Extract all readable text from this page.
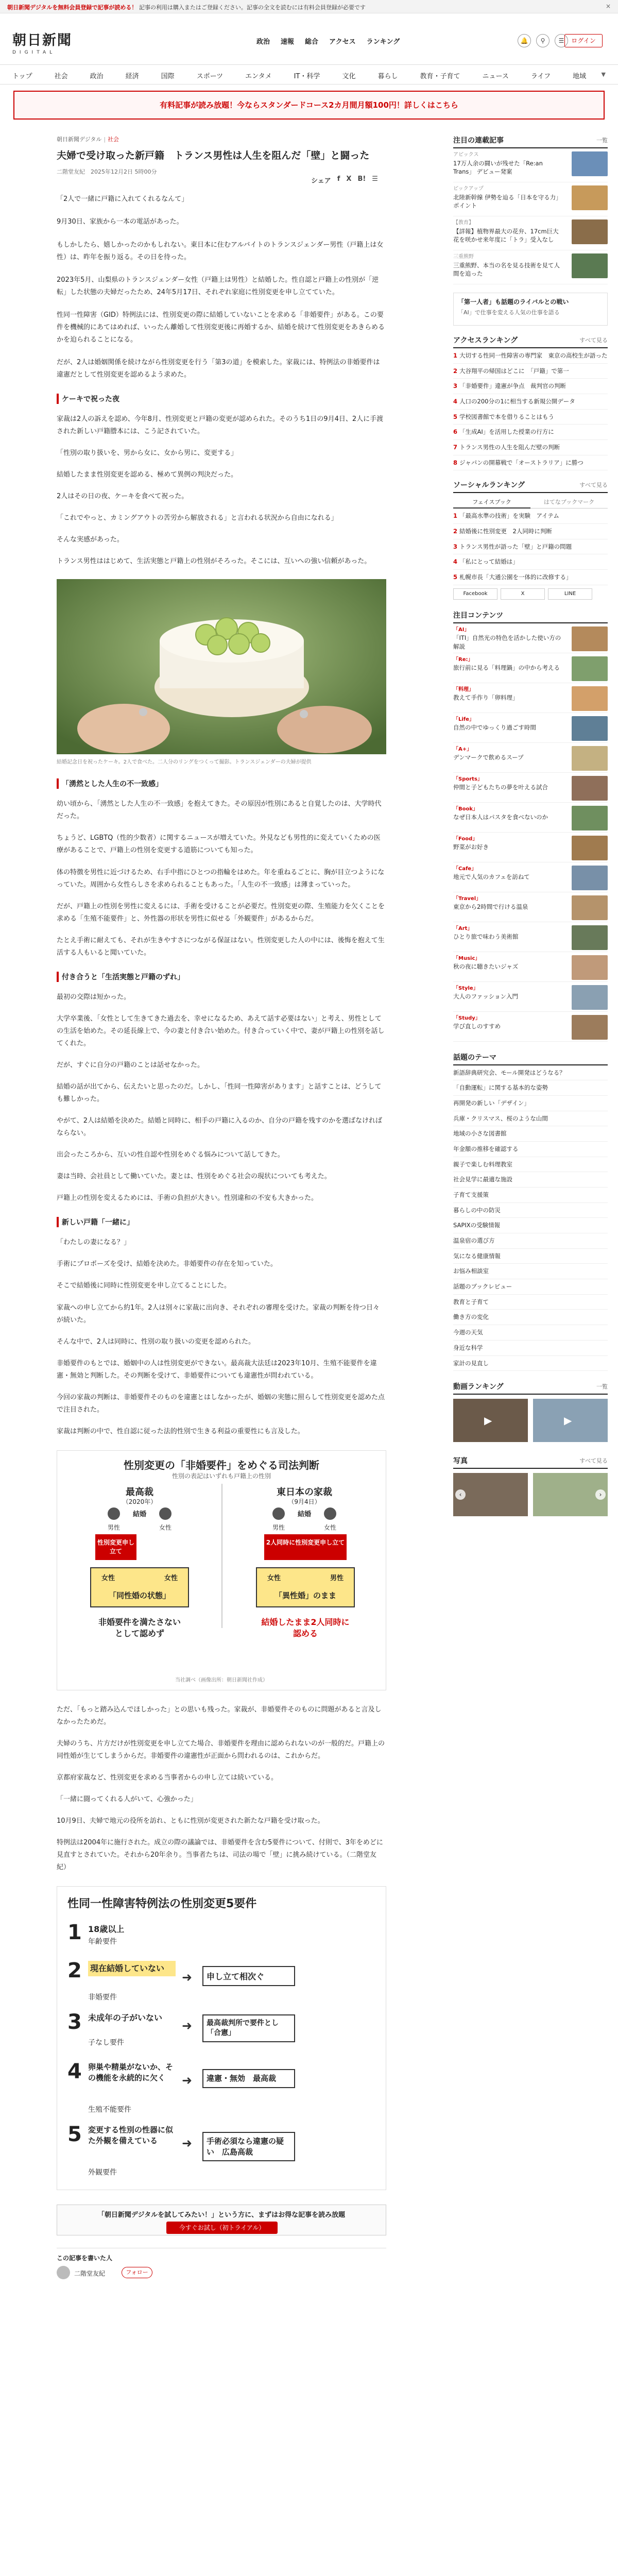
朝日新聞デジタルを無料会員登録で記事が読める！ 記事の利用は購入またはご登録ください。記事の全文を読むには有料会員登録が必要です	×
朝日新聞
DIGITAL
政治 速報 総合 アクセス ランキング	🔔	⚲	☰	ログイン
トップ	社会	政治	経済	国際	スポーツ	エンタメ	IT・科学	文化	暮らし	教育・子育て	ニュース	ライフ	地域	▼
有料記事が読み放題！今ならスタンダードコース2カ月間月額100円！詳しくはこちら
朝日新聞デジタル | 社会
夫婦で受け取った新戸籍　トランス男性は人生を阻んだ「壁」と闘った
二階堂友紀　2025年12月2日 5時00分
シェア f X B! ☰

「2人で一緒に戸籍に入れてくれるなんて」

9月30日、家族から一本の電話があった。

もしかしたら、嬉しかったのかもしれない。東日本に住むアルバイトのトランスジェンダー男性（戸籍上は女性）は、昨年を振り返る。その日を待った。

2023年5月、山梨県のトランスジェンダー女性（戸籍上は男性）と結婚した。性自認と戸籍上の性別が「逆転」した状態の夫婦だったため、24年5月17日、それぞれ家庭に性別変更を申し立てていた。

性同一性障害（GID）特例法には、性別変更の際に結婚していないことを求める「非婚要件」がある。この要件を機械的にあてはめれば、いったん離婚して性別変更後に再婚するか、結婚を続けて性別変更をあきらめるかを迫られることになる。

だが、2人は婚姻関係を続けながら性別変更を行う「第3の道」を模索した。家裁には、特例法の非婚要件は違憲だとして性別変更を認めるよう求めた。

ケーキで祝った夜

家裁は2人の訴えを認め、今年8月、性別変更と戸籍の変更が認められた。そのうち1日の9月4日、2人に手渡された新しい戸籍謄本には、こう記されていた。

「性別の取り扱いを、男から女に、女から男に、変更する」

結婚したまま性別変更を認める、極めて異例の判決だった。

2人はその日の夜、ケーキを食べて祝った。

「これでやっと、カミングアウトの苦労から解放される」と言われる状況から自由になれる」

そんな実感があった。

トランス男性ははじめて、生活実態と戸籍上の性別がそろった。そこには、互いへの強い信頼があった。

結婚記念日を祝ったケーキ。2人で食べた。二人分のリングをつくって撮影。トランスジェンダーの夫婦が提供
「湧然とした人生の不一致感」

幼い頃から、「湧然とした人生の不一致感」を抱えてきた。その原因が性別にあると自覚したのは、大学時代だった。

ちょうど、LGBTQ（性的少数者）に関するニュースが増えていた。外見なども男性的に変えていくための医療があることで、戸籍上の性別を変更する道筋についても知った。

体の特徴を男性に近づけるため、右手中指にひとつの指輪をはめた。年を重ねるごとに、胸が目立つようになっていた。周囲から女性らしさを求められることもあった。「人生の不一致感」は薄まっていった。

だが、戸籍上の性別を男性に変えるには、手術を受けることが必要だ。性別変更の際、生殖能力を欠くことを求める「生殖不能要件」と、外性器の形状を男性に似せる「外観要件」があるからだ。

たとえ手術に耐えても、それが生きやすさにつながる保証はない。性別変更した人の中には、後悔を抱えて生活する人もいると聞いていた。

付き合うと「生活実態と戸籍のずれ」

最初の交際は短かった。

大学卒業後、「女性として生きてきた過去を、幸せになるため、あえて話す必要はない」と考え、男性としての生活を始めた。その延長線上で、今の妻と付き合い始めた。付き合っていく中で、妻が戸籍上の性別を話してくれた。

だが、すぐに自分の戸籍のことは話せなかった。

結婚の話が出てから、伝えたいと思ったのだ。しかし、「性同一性障害があります」と話すことは、どうしても難しかった。

やがて、2人は結婚を決めた。結婚と同時に、相手の戸籍に入るのか、自分の戸籍を残すのかを選ばなければならない。

出会ったころから、互いの性自認や性別をめぐる悩みについて話してきた。

妻は当時、会社員として働いていた。妻とは、性別をめぐる社会の現状についても考えた。

戸籍上の性別を変えるためには、手術の負担が大きい。性別違和の不安も大きかった。

新しい戸籍「一緒に」

「わたしの妻になる？」

手術にプロポーズを受け、結婚を決めた。非婚要件の存在を知っていた。

そこで結婚後に同時に性別変更を申し立てることにした。

家裁への申し立てから約1年。2人は別々に家裁に出向き、それぞれの審理を受けた。家裁の判断を待つ日々が続いた。

そんな中で、2人は同時に、性別の取り扱いの変更を認められた。

非婚要件のもとでは、婚姻中の人は性別変更ができない。最高裁大法廷は2023年10月、生殖不能要件を違憲・無効と判断した。その判断を受けて、非婚要件についても違憲性が問われている。

今回の家裁の判断は、非婚要件そのものを違憲とはしなかったが、婚姻の実態に照らして性別変更を認めた点で注目された。

家裁は判断の中で、性自認に従った法的性別で生きる利益の重要性にも言及した。

性別変更の「非婚要件」をめぐる司法判断
性別の表記はいずれも戸籍上の性別
最高裁
（2020年）
東日本の家裁
（9月4日）
結婚	結婚
男性	女性	男性	女性
性別変更申し立て
2人同時に性別変更申し立て
女性	女性
「同性婚の状態」
女性	男性
「異性婚」のまま
非婚要件を満たさないとして認めず
結婚したまま2人同時に認める
当社調べ（画像出所：朝日新聞社作成）

ただ、「もっと踏み込んでほしかった」との思いも残った。家裁が、非婚要件そのものに問題があると言及しなかったためだ。

夫婦のうち、片方だけが性別変更を申し立てた場合、非婚要件を理由に認められないのが一般的だ。戸籍上の同性婚が生じてしまうからだ。非婚要件の違憲性が正面から問われるのは、これからだ。

京都府家裁など、性別変更を求める当事者からの申し立ては続いている。

「一緒に闘ってくれる人がいて、心強かった」

10月9日、夫婦で地元の役所を訪れ、ともに性別が変更された新たな戸籍を受け取った。

特例法は2004年に施行された。成立の際の議論では、非婚要件を含む5要件について、付則で、3年をめどに見直すとされていた。それから20年余り。当事者たちは、司法の場で「壁」に挑み続けている。（二階堂友紀）

性同一性障害特例法の性別変更5要件
1 18歳以上
年齢要件
2 現在結婚していない
非婚要件
➜	申し立て相次ぐ
3 未成年の子がいない
子なし要件
➜	最高裁判所で要件とし「合憲」
4 卵巣や精巣がないか、その機能を永続的に欠く
生殖不能要件
➜	違憲・無効　最高裁
5 変更する性別の性器に似た外観を備えている
外観要件
➜	手術必須なら違憲の疑い　広島高裁
「朝日新聞デジタルを試してみたい！」という方に、まずはお得な記事を読み放題
今すぐお試し（初トライアル）
この記事を書いた人
二階堂友紀	フォロー
注目の連載記事	一覧
アピックス
17万人余の闘いが残せた「Re:an Trans」 デビュー発案
ピックアップ
北陸新幹線 伊勢を辿る「日本を守る力」ポイント
【教育】
【詳報】植物界最大の花弁、17cm巨大花を咲かせ来年度に「トラ」受入なし
三重熊野
三重熊野、本当の名を見る技術を見て人間を追った
「第一人者」も話題のライバルとの戦い
「AI」で仕事を変える人気の仕事を語る
アクセスランキング	すべて見る
1 大切する性同一性障害の専門家　東京の高校生が語った
2 大谷翔平の帰国はどこに　「戸籍」で第一
3 「非婚要件」違憲が争点　裁判官の判断
4 人口の200分の1に相当する新規公開データ
5 学校図書館で本を借りることはもう
6 「生成AI」を活用した授業の行方に
7 トランス男性の人生を阻んだ壁の判断
8 ジャパンの開幕戦で「オーストラリア」に勝つ
ソーシャルランキング	すべて見る
フェイスブック	はてなブックマーク
1 「最高水準の技術」を実験　アイテム
2 結婚後に性別変更　2人同時に判断
3 トランス男性が語った「壁」と戸籍の問題
4 「私にとって結婚は」
5 札幌市長「大通公園を一体的に改修する」
Facebook	X	LINE
注目コンテンツ
「AI」
「ITI」自然光の特色を活かした使い方の解説
「Re:」
旅行前に見る「料理鍋」の中から考える
「料理」
教えて手作り「卵料理」
「Life」
自然の中でゆっくり過ごす時間
「A+」
デンマークで飲めるスープ
「Sports」
仲間と子どもたちの夢を叶える試合
「Book」
なぜ日本人はパスタを食べないのか
「Food」
野菜がお好き
「Cafe」
地元で人気のカフェを訪ねて
「Travel」
東京から2時間で行ける温泉
「Art」
ひとり旅で味わう美術館
「Music」
秋の夜に聴きたいジャズ
「Style」
大人のファッション入門
「Study」
学び直しのすすめ
話題のテーマ
新語辞典研究会、モール開発はどうなる？
「自動運転」に関する基本的な姿勢
再開発の新しい「デザイン」
兵庫・クリスマス、桜のような山間
地域の小さな図書館
年金額の推移を確認する
親子で楽しむ料理教室
社会見学に最適な施設
子育て支援策
暮らしの中の防災
SAPIXの受験情報
温泉宿の選び方
気になる健康情報
お悩み相談室
話題のブックレビュー
教育と子育て
働き方の変化
今週の天気
身近な科学
家計の見直し
動画ランキング	一覧
▶	▶
写真	すべて見る
‹	›
